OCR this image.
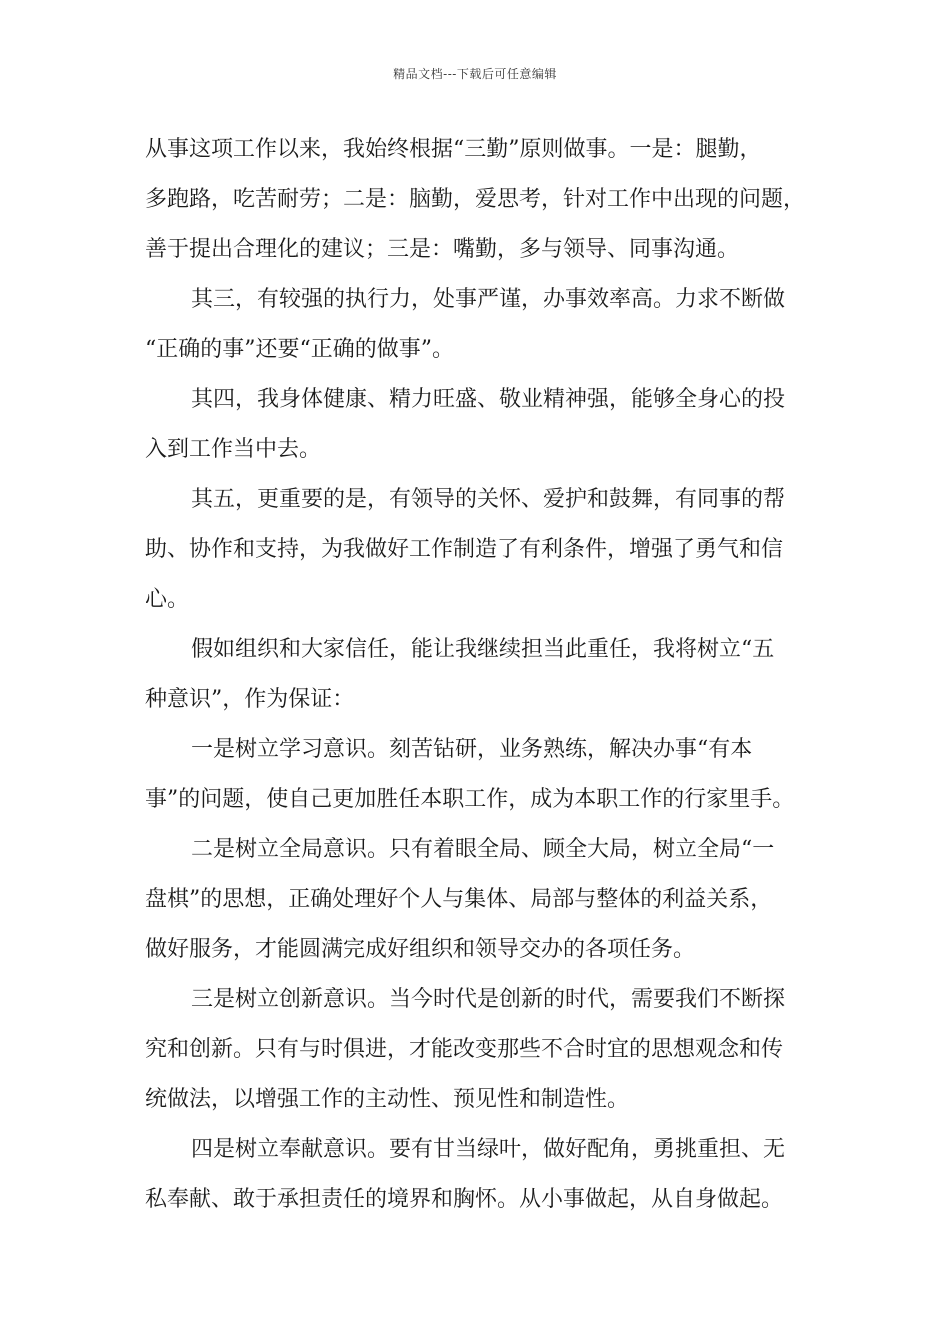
精品文档---下载后可任意编辑
从事这项工作以来，我始终根据“三勤”原则做事。一是：腿勤，
多跑路，吃苦耐劳；二是：脑勤，爱思考，针对工作中出现的问题，
善于提出合理化的建议；三是：嘴勤，多与领导、同事沟通。
其三，有较强的执行力，处事严谨，办事效率高。力求不断做
“正确的事”还要“正确的做事”。
其四，我身体健康、精力旺盛、敬业精神强，能够全身心的投
入到工作当中去。
其五，更重要的是，有领导的关怀、爱护和鼓舞，有同事的帮
助、协作和支持，为我做好工作制造了有利条件，增强了勇气和信
心。
假如组织和大家信任，能让我继续担当此重任，我将树立“五
种意识”，作为保证：
一是树立学习意识。刻苦钻研，业务熟练，解决办事“有本
事”的问题，使自己更加胜任本职工作，成为本职工作的行家里手。
二是树立全局意识。只有着眼全局、顾全大局，树立全局“一
盘棋”的思想，正确处理好个人与集体、局部与整体的利益关系，
做好服务，才能圆满完成好组织和领导交办的各项任务。
三是树立创新意识。当今时代是创新的时代，需要我们不断探
究和创新。只有与时俱进，才能改变那些不合时宜的思想观念和传
统做法，以增强工作的主动性、预见性和制造性。
四是树立奉献意识。要有甘当绿叶，做好配角，勇挑重担、无
私奉献、敢于承担责任的境界和胸怀。从小事做起，从自身做起。
